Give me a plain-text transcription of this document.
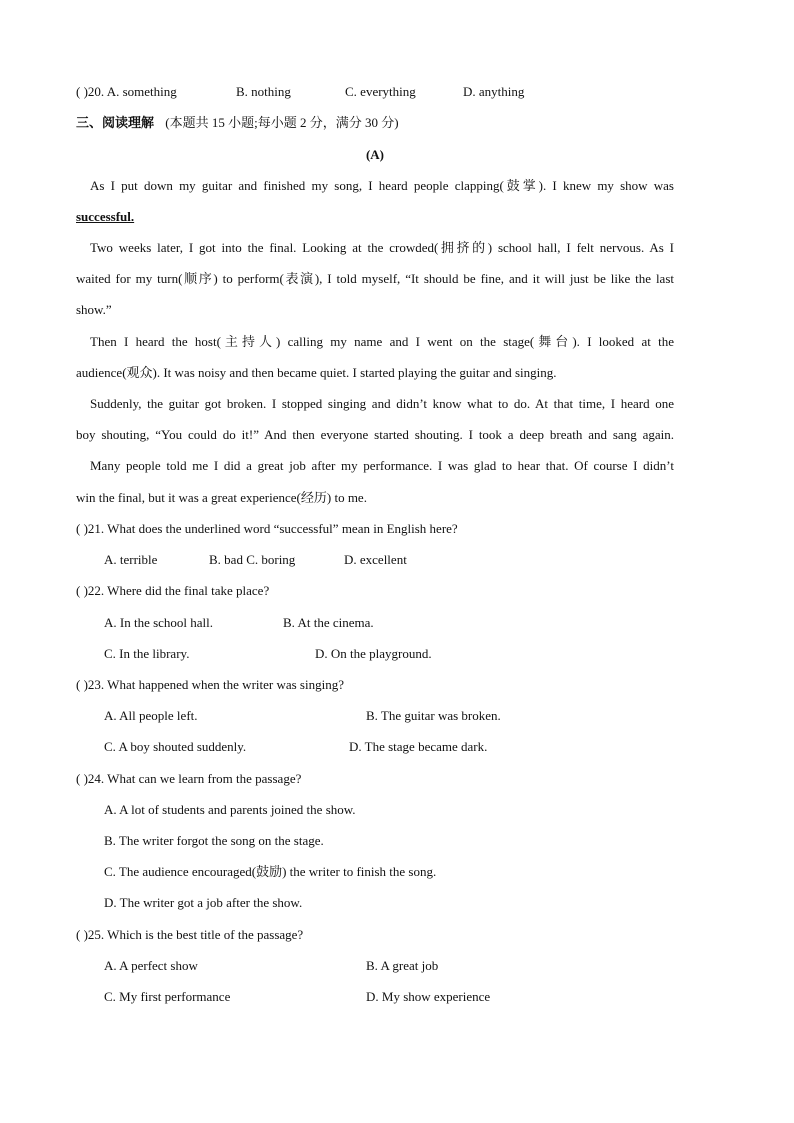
( )20. A. something	B. nothing	C. everything	D. anything
三、阅读理解 (本题共 15 小题;每小题 2 分，满分 30 分)
(A)
As I put down my guitar and finished my song, I heard people clapping(鼓掌). I knew my show was
successful.
Two weeks later, I got into the final. Looking at the crowded(拥挤的) school hall, I felt nervous. As I
waited for my turn(顺序) to perform(表演), I told myself, “It should be fine, and it will just be like the last
show.”
Then I heard the host(主持人) calling my name and I went on the stage(舞台). I looked at the
audience(观众). It was noisy and then became quiet. I started playing the guitar and singing.
Suddenly, the guitar got broken. I stopped singing and didn’t know what to do. At that time, I heard one
boy shouting, “You could do it!” And then everyone started shouting. I took a deep breath and sang again.
Many people told me I did a great job after my performance. I was glad to hear that. Of course I didn’t
win the final, but it was a great experience(经历) to me.
( )21. What does the underlined word “successful” mean in English here?
A. terrible	B. bad C. boring	D. excellent
( )22. Where did the final take place?
A. In the school hall.	B. At the cinema.
C. In the library.	D. On the playground.
( )23. What happened when the writer was singing?
A. All people left.	B. The guitar was broken.
C. A boy shouted suddenly.	D. The stage became dark.
( )24. What can we learn from the passage?
A. A lot of students and parents joined the show.
B. The writer forgot the song on the stage.
C. The audience encouraged(鼓励) the writer to finish the song.
D. The writer got a job after the show.
( )25. Which is the best title of the passage?
A. A perfect show	B. A great job
C. My first performance	D. My show experience
